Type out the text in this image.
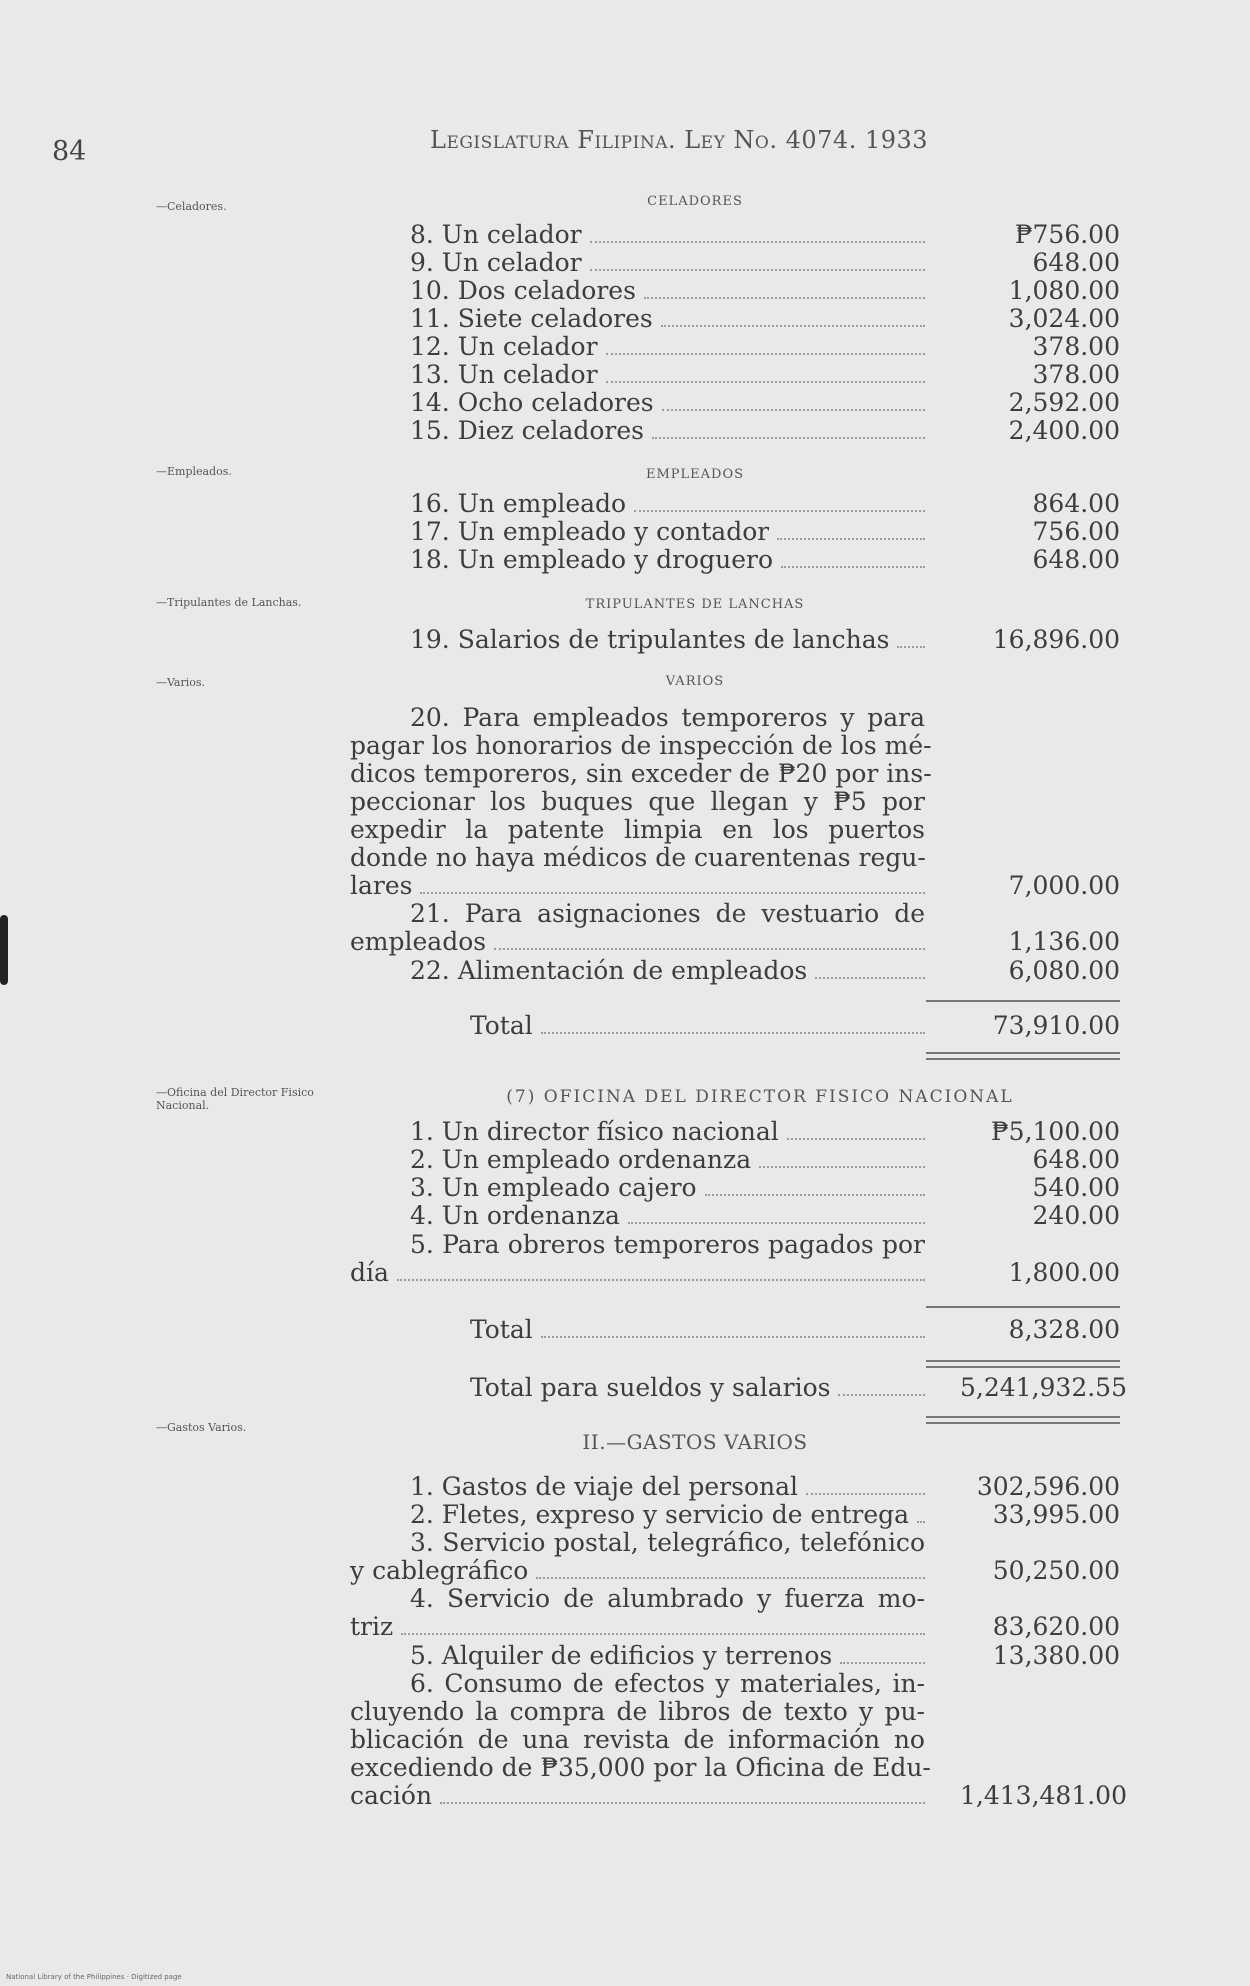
84	Legislatura Filipina. Ley No. 4074. 1933
—Celadores.
—Empleados.
—Tripulantes de Lanchas.
—Varios.
—Oficina del Director Fisico Nacional.
—Gastos Varios.
CELADORES
EMPLEADOS
TRIPULANTES DE LANCHAS
VARIOS
(7) OFICINA DEL DIRECTOR FISICO NACIONAL
II.—GASTOS VARIOS
8. Un celador	₱756.00
9. Un celador	648.00
10. Dos celadores	1,080.00
11. Siete celadores	3,024.00
12. Un celador	378.00
13. Un celador	378.00
14. Ocho celadores	2,592.00
15. Diez celadores	2,400.00
16. Un empleado	864.00
17. Un empleado y contador	756.00
18. Un empleado y droguero	648.00
19. Salarios de tripulantes de lanchas	16,896.00
20. Para empleados temporeros y para
pagar los honorarios de inspección de los mé-
dicos temporeros, sin exceder de ₱20 por ins-
peccionar los buques que llegan y ₱5 por
expedir la patente limpia en los puertos
donde no haya médicos de cuarentenas regu-
lares	7,000.00
21. Para asignaciones de vestuario de
empleados	1,136.00
22. Alimentación de empleados	6,080.00
Total	73,910.00
1. Un director físico nacional	₱5,100.00
2. Un empleado ordenanza	648.00
3. Un empleado cajero	540.00
4. Un ordenanza	240.00
5. Para obreros temporeros pagados por
día	1,800.00
Total	8,328.00
Total para sueldos y salarios	5,241,932.55
1. Gastos de viaje del personal	302,596.00
2. Fletes, expreso y servicio de entrega	33,995.00
3. Servicio postal, telegráfico, telefónico
y cablegráfico	50,250.00
4. Servicio de alumbrado y fuerza mo-
triz	83,620.00
5. Alquiler de edificios y terrenos	13,380.00
6. Consumo de efectos y materiales, in-
cluyendo la compra de libros de texto y pu-
blicación de una revista de información no
excediendo de ₱35,000 por la Oficina de Edu-
cación	1,413,481.00
National Library of the Philippines · Digitized page
